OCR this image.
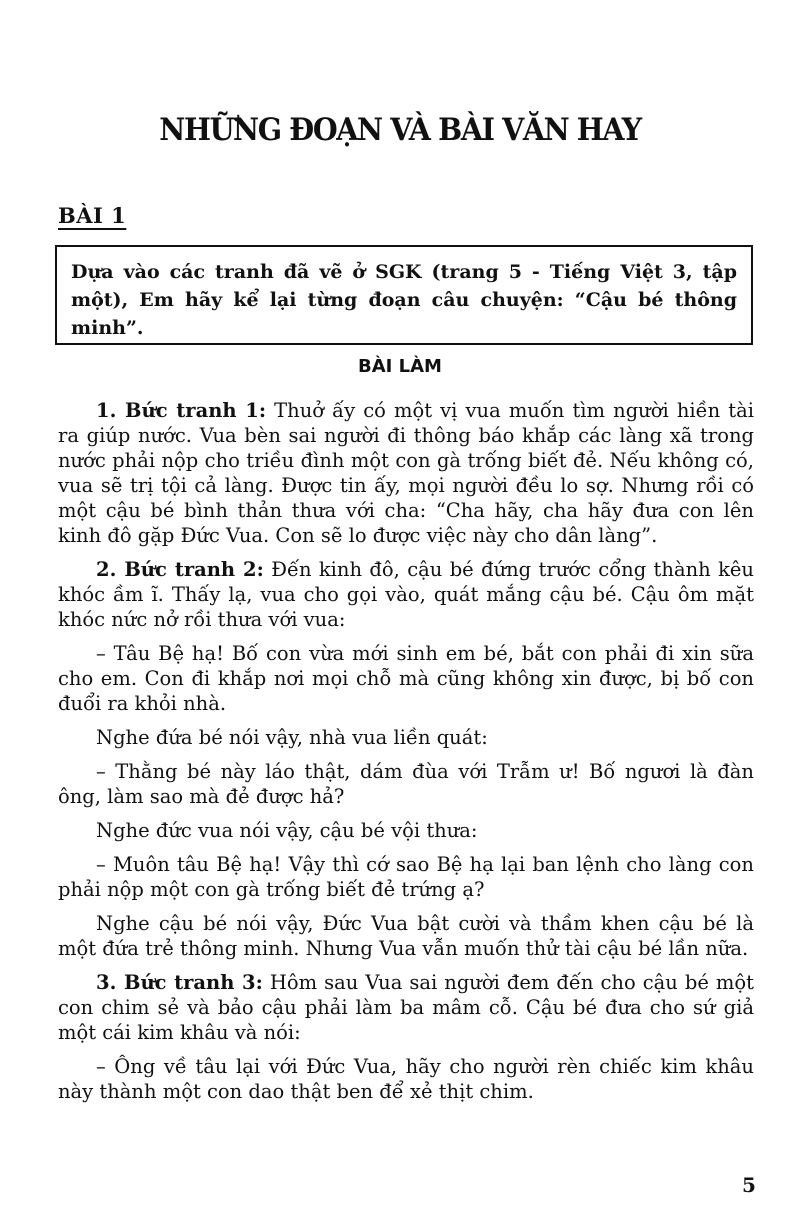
NHỮNG ĐOẠN VÀ BÀI VĂN HAY
BÀI 1
Dựa vào các tranh đã vẽ ở SGK (trang 5 - Tiếng Việt 3, tập một), Em hãy kể lại từng đoạn câu chuyện: “Cậu bé thông minh”.
BÀI LÀM

1. Bức tranh 1: Thuở ấy có một vị vua muốn tìm người hiền tài ra giúp nước. Vua bèn sai người đi thông báo khắp các làng xã trong nước phải nộp cho triều đình một con gà trống biết đẻ. Nếu không có, vua sẽ trị tội cả làng. Được tin ấy, mọi người đều lo sợ. Nhưng rồi có một cậu bé bình thản thưa với cha: “Cha hãy, cha hãy đưa con lên kinh đô gặp Đức Vua. Con sẽ lo được việc này cho dân làng”.

2. Bức tranh 2: Đến kinh đô, cậu bé đứng trước cổng thành kêu khóc ầm ĩ. Thấy lạ, vua cho gọi vào, quát mắng cậu bé. Cậu ôm mặt khóc nức nở rồi thưa với vua:

– Tâu Bệ hạ! Bố con vừa mới sinh em bé, bắt con phải đi xin sữa cho em. Con đi khắp nơi mọi chỗ mà cũng không xin được, bị bố con đuổi ra khỏi nhà.

Nghe đứa bé nói vậy, nhà vua liền quát:

– Thằng bé này láo thật, dám đùa với Trẫm ư! Bố ngươi là đàn ông, làm sao mà đẻ được hả?

Nghe đức vua nói vậy, cậu bé vội thưa:

– Muôn tâu Bệ hạ! Vậy thì cớ sao Bệ hạ lại ban lệnh cho làng con phải nộp một con gà trống biết đẻ trứng ạ?

Nghe cậu bé nói vậy, Đức Vua bật cười và thầm khen cậu bé là một đứa trẻ thông minh. Nhưng Vua vẫn muốn thử tài cậu bé lần nữa.

3. Bức tranh 3: Hôm sau Vua sai người đem đến cho cậu bé một con chim sẻ và bảo cậu phải làm ba mâm cỗ. Cậu bé đưa cho sứ giả một cái kim khâu và nói:

– Ông về tâu lại với Đức Vua, hãy cho người rèn chiếc kim khâu này thành một con dao thật ben để xẻ thịt chim.

5
